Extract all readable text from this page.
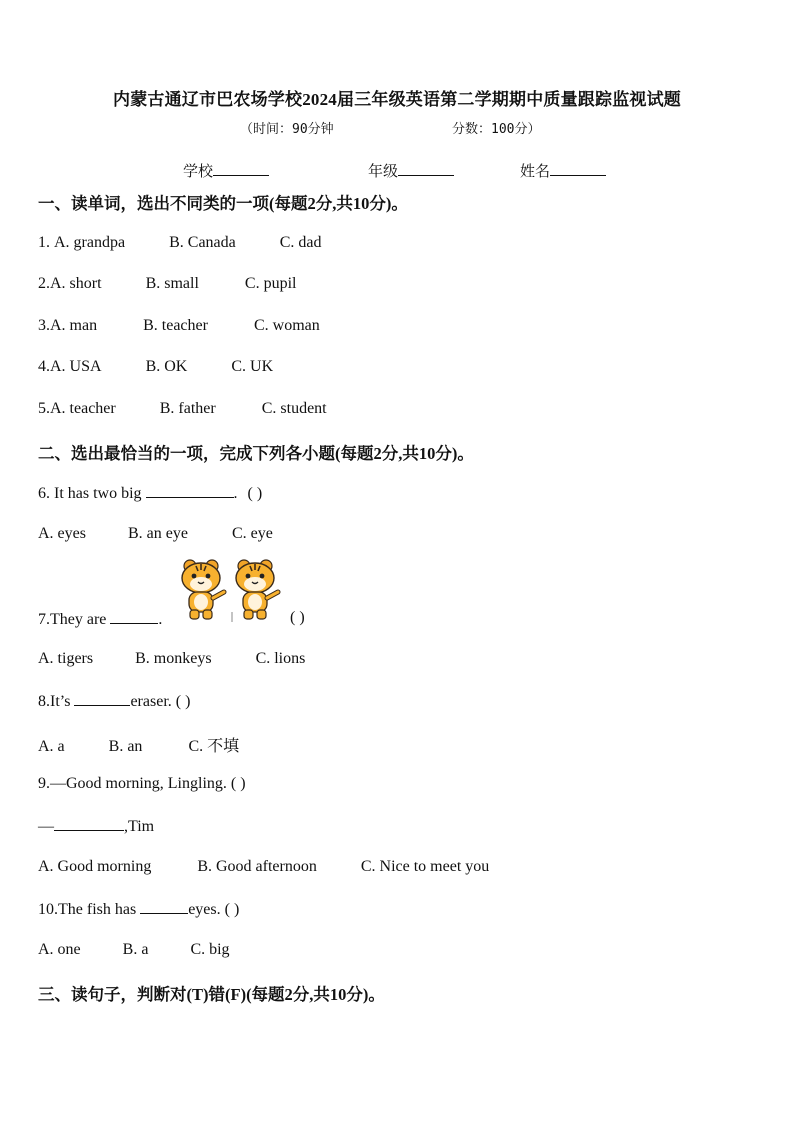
内蒙古通辽市巴农场学校2024届三年级英语第二学期期中质量跟踪监视试题
（时间：90分钟	分数：100分）
学校	年级	姓名
一、读单词，选出不同类的一项(每题2分,共10分)。
1. A. grandpa	B. Canada	C. dad
2.A. short	B. small	C. pupil
3.A. man	B. teacher	C. woman
4.A. USA	B. OK	C. UK
5.A. teacher	B. father	C. student
二、选出最恰当的一项，完成下列各小题(每题2分,共10分)。
6. It has two big	. ( )
A. eyes	B. an eye	C. eye
7.They are	.	( )
A. tigers	B. monkeys	C. lions
8.It’s	eraser. ( )
A. a	B. an	C. 不填
9.—Good morning, Lingling. ( )
—	,Tim
A. Good morning	B. Good afternoon	C. Nice to meet you
10.The fish has	eyes. ( )
A. one	B. a	C. big
三、读句子，判断对(T)错(F)(每题2分,共10分)。
